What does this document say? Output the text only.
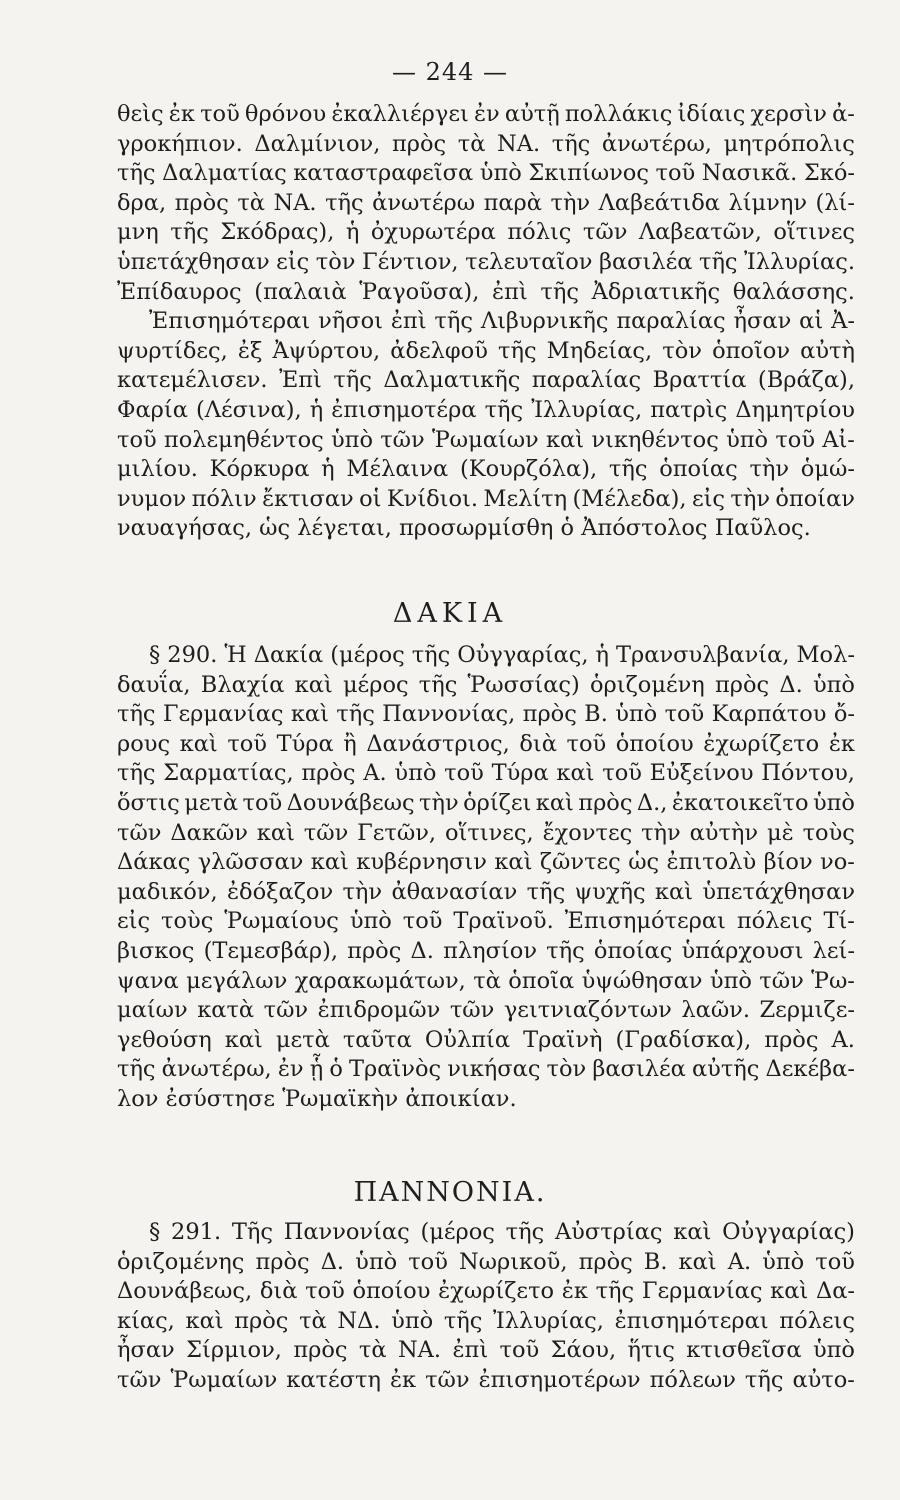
— 244 —
θεὶς ἐκ τοῦ θρόνου ἐκαλλιέργει ἐν αὐτῇ πολλάκις ἰδίαις χερσὶν ἀ-
γροκήπιον. Δαλμίνιον, πρὸς τὰ ΝΑ. τῆς ἀνωτέρω, μητρόπολις
τῆς Δαλματίας καταστραφεῖσα ὑπὸ Σκιπίωνος τοῦ Νασικᾶ. Σκό-
δρα, πρὸς τὰ ΝΑ. τῆς ἀνωτέρω παρὰ τὴν Λαβεάτιδα λίμνην (λί-
μνη τῆς Σκόδρας), ἡ ὀχυρωτέρα πόλις τῶν Λαβεατῶν, οἵτινες
ὑπετάχθησαν εἰς τὸν Γέντιον, τελευταῖον βασιλέα τῆς Ἰλλυρίας.
Ἐπίδαυρος (παλαιὰ Ῥαγοῦσα), ἐπὶ τῆς Ἀδριατικῆς θαλάσσης.
Ἐπισημότεραι νῆσοι ἐπὶ τῆς Λιβυρνικῆς παραλίας ἦσαν αἱ Ἀ-
ψυρτίδες, ἐξ Ἀψύρτου, ἀδελφοῦ τῆς Μηδείας, τὸν ὁποῖον αὐτὴ
κατεμέλισεν. Ἐπὶ τῆς Δαλματικῆς παραλίας Βραττία (Βράζα),
Φαρία (Λέσινα), ἡ ἐπισημοτέρα τῆς Ἰλλυρίας, πατρὶς Δημητρίου
τοῦ πολεμηθέντος ὑπὸ τῶν Ῥωμαίων καὶ νικηθέντος ὑπὸ τοῦ Αἰ-
μιλίου. Κόρκυρα ἡ Μέλαινα (Κουρζόλα), τῆς ὁποίας τὴν ὁμώ-
νυμον πόλιν ἔκτισαν οἱ Κνίδιοι. Μελίτη (Μέλεδα), εἰς τὴν ὁποίαν
ναυαγήσας, ὡς λέγεται, προσωρμίσθη ὁ Ἀπόστολος Παῦλος.
ΔΑΚΙΑ
§ 290. Ἡ Δακία (μέρος τῆς Οὐγγαρίας, ἡ Τρανσυλβανία, Μολ-
δαυΐα, Βλαχία καὶ μέρος τῆς Ῥωσσίας) ὁριζομένη πρὸς Δ. ὑπὸ
τῆς Γερμανίας καὶ τῆς Παννονίας, πρὸς Β. ὑπὸ τοῦ Καρπάτου ὄ-
ρους καὶ τοῦ Τύρα ἢ Δανάστριος, διὰ τοῦ ὁποίου ἐχωρίζετο ἐκ
τῆς Σαρματίας, πρὸς Α. ὑπὸ τοῦ Τύρα καὶ τοῦ Εὐξείνου Πόντου,
ὅστις μετὰ τοῦ Δουνάβεως τὴν ὁρίζει καὶ πρὸς Δ., ἐκατοικεῖτο ὑπὸ
τῶν Δακῶν καὶ τῶν Γετῶν, οἵτινες, ἔχοντες τὴν αὐτὴν μὲ τοὺς
Δάκας γλῶσσαν καὶ κυβέρνησιν καὶ ζῶντες ὡς ἐπιτολὺ βίον νο-
μαδικόν, ἐδόξαζον τὴν ἀθανασίαν τῆς ψυχῆς καὶ ὑπετάχθησαν
εἰς τοὺς Ῥωμαίους ὑπὸ τοῦ Τραϊνοῦ. Ἐπισημότεραι πόλεις Τί-
βισκος (Τεμεσβάρ), πρὸς Δ. πλησίον τῆς ὁποίας ὑπάρχουσι λεί-
ψανα μεγάλων χαρακωμάτων, τὰ ὁποῖα ὑψώθησαν ὑπὸ τῶν Ῥω-
μαίων κατὰ τῶν ἐπιδρομῶν τῶν γειτνιαζόντων λαῶν. Ζερμιζε-
γεθούση καὶ μετὰ ταῦτα Οὐλπία Τραϊνὴ (Γραδίσκα), πρὸς Α.
τῆς ἀνωτέρω, ἐν ᾗ ὁ Τραϊνὸς νικήσας τὸν βασιλέα αὐτῆς Δεκέβα-
λον ἐσύστησε Ῥωμαϊκὴν ἀποικίαν.
ΠΑΝΝΟΝΙΑ.
§ 291. Τῆς Παννονίας (μέρος τῆς Αὐστρίας καὶ Οὐγγαρίας)
ὁριζομένης πρὸς Δ. ὑπὸ τοῦ Νωρικοῦ, πρὸς Β. καὶ Α. ὑπὸ τοῦ
Δουνάβεως, διὰ τοῦ ὁποίου ἐχωρίζετο ἐκ τῆς Γερμανίας καὶ Δα-
κίας, καὶ πρὸς τὰ ΝΔ. ὑπὸ τῆς Ἰλλυρίας, ἐπισημότεραι πόλεις
ἦσαν Σίρμιον, πρὸς τὰ ΝΑ. ἐπὶ τοῦ Σάου, ἥτις κτισθεῖσα ὑπὸ
τῶν Ῥωμαίων κατέστη ἐκ τῶν ἐπισημοτέρων πόλεων τῆς αὐτο-
